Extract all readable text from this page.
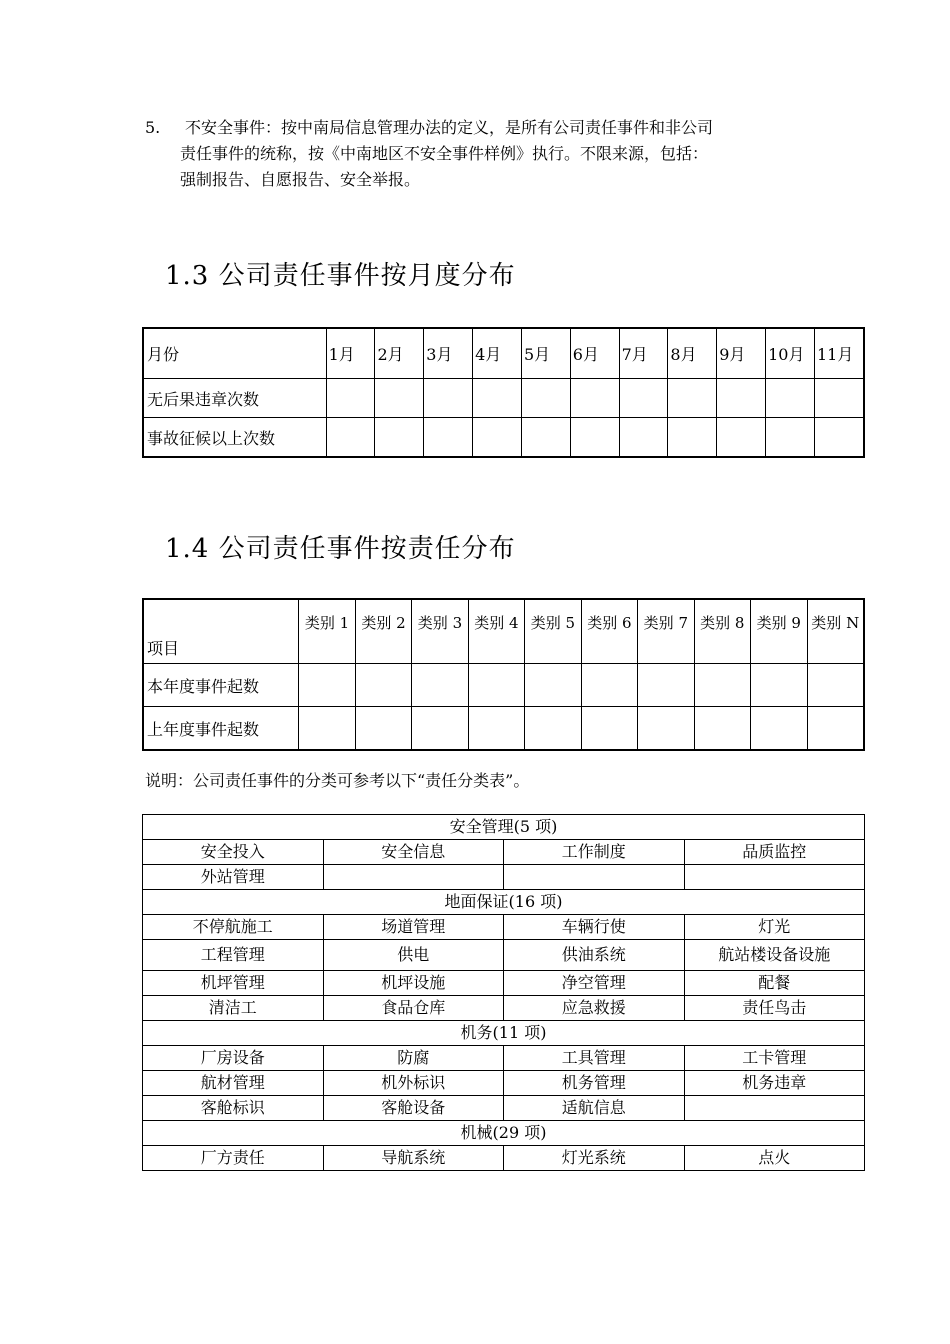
5.	不安全事件：按中南局信息管理办法的定义，是所有公司责任事件和非公司
责任事件的统称，按《中南地区不安全事件样例》执行。不限来源，包括：
强制报告、自愿报告、安全举报。
1.3 公司责任事件按月度分布
月份	1月	2月	3月	4月	5月	6月	7月	8月	9月	10月	11月
无后果违章次数											
事故征候以上次数											
1.4 公司责任事件按责任分布
项目	类别 1	类别 2	类别 3	类别 4	类别 5	类别 6	类别 7	类别 8	类别 9	类别 N
本年度事件起数										
上年度事件起数										
说明：公司责任事件的分类可参考以下“责任分类表”。
安全管理(5 项)			
安全投入	安全信息	工作制度	品质监控
外站管理			
地面保证(16 项)			
不停航施工	场道管理	车辆行使	灯光
工程管理	供电	供油系统	航站楼设备设施
机坪管理	机坪设施	净空管理	配餐
清洁工	食品仓库	应急救援	责任鸟击
机务(11 项)			
厂房设备	防腐	工具管理	工卡管理
航材管理	机外标识	机务管理	机务违章
客舱标识	客舱设备	适航信息	
机械(29 项)			
厂方责任	导航系统	灯光系统	点火
